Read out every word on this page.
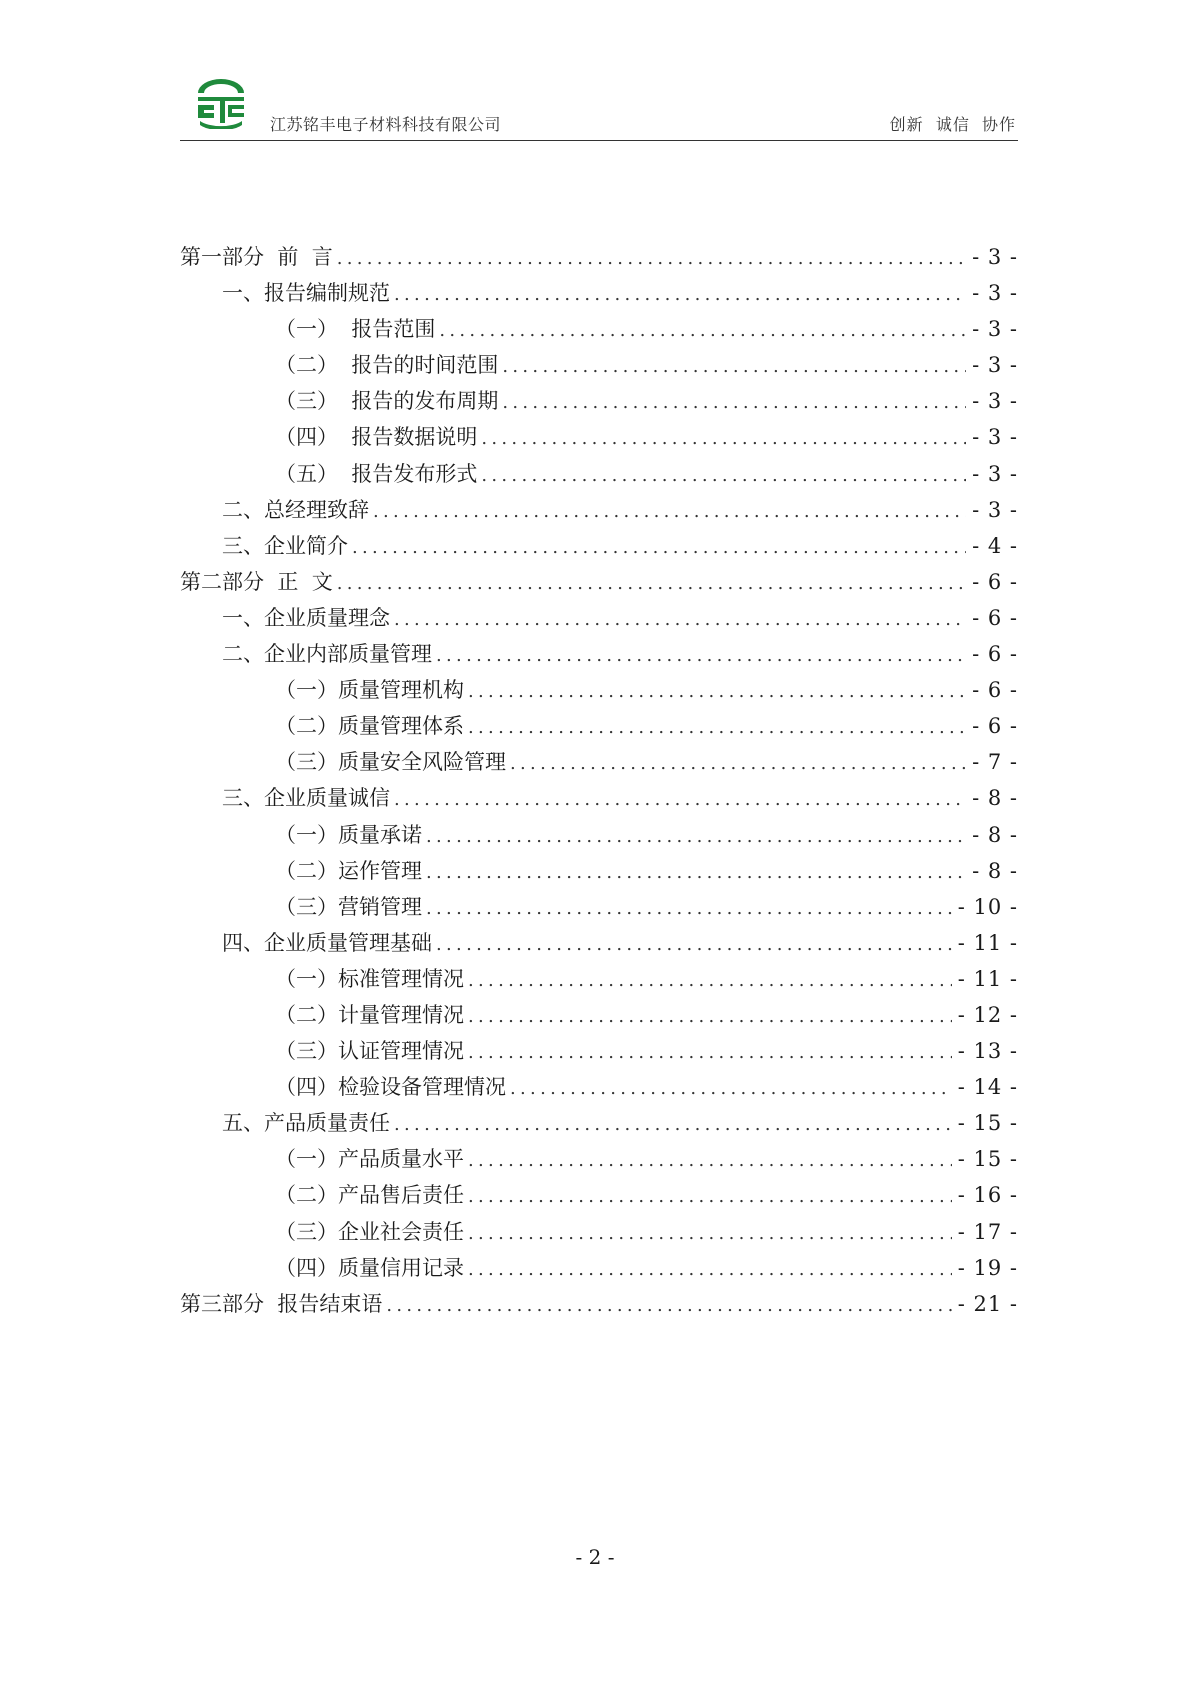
江苏铭丰电子材料科技有限公司	创新  诚信  协作
第一部分  前  言 .....	- 3 -
一、报告编制规范 .....	- 3 -
（一）  报告范围 .....	- 3 -
（二）  报告的时间范围 .....	- 3 -
（三）  报告的发布周期 .....	- 3 -
（四）  报告数据说明 .....	- 3 -
（五）  报告发布形式 .....	- 3 -
二、总经理致辞 .....	- 3 -
三、企业简介 .....	- 4 -
第二部分  正  文 .....	- 6 -
一、企业质量理念 .....	- 6 -
二、企业内部质量管理 .....	- 6 -
（一）质量管理机构 .....	- 6 -
（二）质量管理体系 .....	- 6 -
（三）质量安全风险管理 .....	- 7 -
三、企业质量诚信 .....	- 8 -
（一）质量承诺 .....	- 8 -
（二）运作管理 .....	- 8 -
（三）营销管理 .....	- 10 -
四、企业质量管理基础 .....	- 11 -
（一）标准管理情况 .....	- 11 -
（二）计量管理情况 .....	- 12 -
（三）认证管理情况 .....	- 13 -
（四）检验设备管理情况 .....	- 14 -
五、产品质量责任 .....	- 15 -
（一）产品质量水平 .....	- 15 -
（二）产品售后责任 .....	- 16 -
（三）企业社会责任 .....	- 17 -
（四）质量信用记录 .....	- 19 -
第三部分  报告结束语 .....	- 21 -
- 2 -
